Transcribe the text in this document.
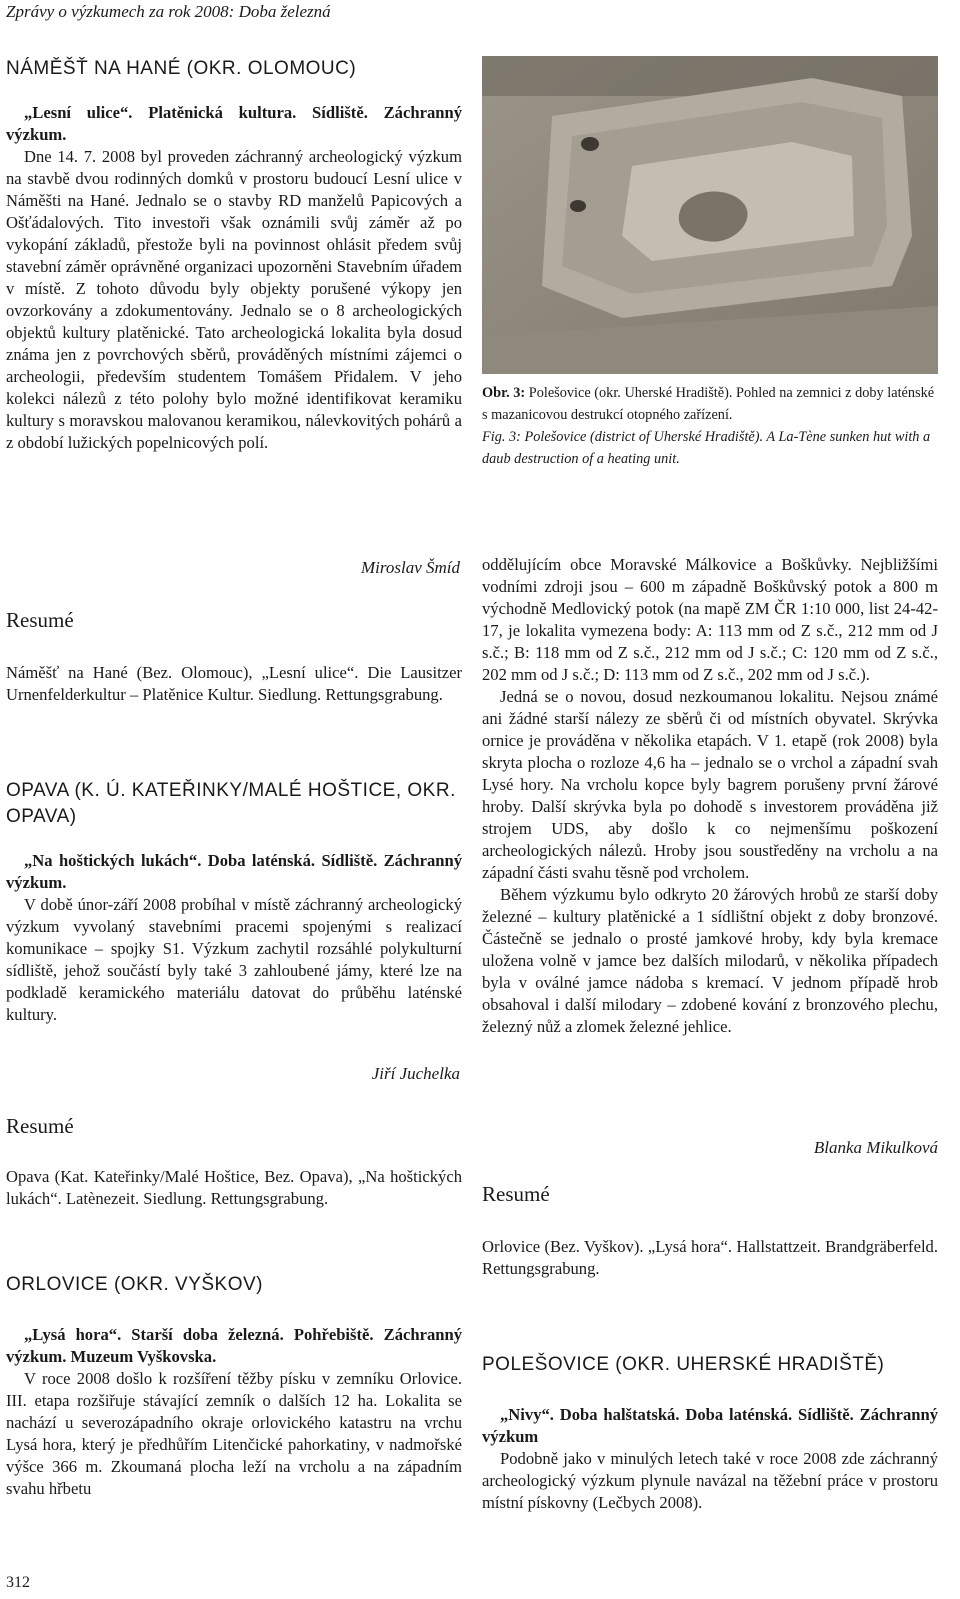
Zprávy o výzkumech za rok 2008: Doba železná
NÁMĚŠŤ NA HANÉ (OKR. OLOMOUC)

„Lesní ulice“. Platěnická kultura. Sídliště. Záchranný výzkum.

Dne 14. 7. 2008 byl proveden záchranný archeologický výzkum na stavbě dvou rodinných domků v prostoru budoucí Lesní ulice v Náměšti na Hané. Jednalo se o stavby RD manželů Papicových a Ošťádalových. Tito investoři však oznámili svůj záměr až po vykopání základů, přestože byli na povinnost ohlásit předem svůj stavební záměr oprávněné organizaci upozorněni Stavebním úřadem v místě. Z tohoto důvodu byly objekty porušené výkopy jen ovzorkovány a zdokumentovány. Jednalo se o 8 archeologických objektů kultury platěnické. Tato archeologická lokalita byla dosud známa jen z povrchových sběrů, prováděných místními zájemci o archeologii, především studentem Tomášem Přidalem. V jeho kolekci nálezů z této polohy bylo možné identifikovat keramiku kultury s moravskou malovanou keramikou, nálevkovitých pohárů a z období lužických popelnicových polí.

Miroslav Šmíd
Resumé

Náměšť na Hané (Bez. Olomouc), „Lesní ulice“. Die Lausitzer Urnenfelderkultur – Platěnice Kultur. Siedlung. Rettungsgrabung.

OPAVA (K. Ú. KATEŘINKY/MALÉ HOŠTICE, OKR. OPAVA)

„Na hoštických lukách“. Doba laténská. Sídliště. Záchranný výzkum.

V době únor-září 2008 probíhal v místě záchranný archeologický výzkum vyvolaný stavebními pracemi spojenými s realizací komunikace – spojky S1. Výzkum zachytil rozsáhlé polykulturní sídliště, jehož součástí byly také 3 zahloubené jámy, které lze na podkladě keramického materiálu datovat do průběhu laténské kultury.

Jiří Juchelka
Resumé

Opava (Kat. Kateřinky/Malé Hoštice, Bez. Opava), „Na hoštických lukách“. Latènezeit. Siedlung. Rettungsgrabung.

ORLOVICE (OKR. VYŠKOV)

„Lysá hora“. Starší doba železná. Pohřebiště. Záchranný výzkum. Muzeum Vyškovska.

V roce 2008 došlo k rozšíření těžby písku v zemníku Orlovice. III. etapa rozšiřuje stávající zemník o dalších 12 ha. Lokalita se nachází u severozápadního okraje orlovického katastru na vrchu Lysá hora, který je předhůřím Litenčické pahorkatiny, v nadmořské výšce 366 m. Zkoumaná plocha leží na vrcholu a na západním svahu hřbetu

Obr. 3: Polešovice (okr. Uherské Hradiště). Pohled na zemnici z doby laténské s mazanicovou destrukcí otopného zařízení.
Fig. 3: Polešovice (district of Uherské Hradiště). A La-Tène sunken hut with a daub destruction of a heating unit.

oddělujícím obce Moravské Málkovice a Boškůvky. Nejbližšími vodními zdroji jsou – 600 m západně Boškůvský potok a 800 m východně Medlovický potok (na mapě ZM ČR 1:10 000, list 24-42-17, je lokalita vymezena body: A: 113 mm od Z s.č., 212 mm od J s.č.; B: 118 mm od Z s.č., 212 mm od J s.č.; C: 120 mm od Z s.č., 202 mm od J s.č.; D: 113 mm od Z s.č., 202 mm od J s.č.).

Jedná se o novou, dosud nezkoumanou lokalitu. Nejsou známé ani žádné starší nálezy ze sběrů či od místních obyvatel. Skrývka ornice je prováděna v několika etapách. V 1. etapě (rok 2008) byla skryta plocha o rozloze 4,6 ha – jednalo se o vrchol a západní svah Lysé hory. Na vrcholu kopce byly bagrem porušeny první žárové hroby. Další skrývka byla po dohodě s investorem prováděna již strojem UDS, aby došlo k co nejmenšímu poškození archeologických nálezů. Hroby jsou soustředěny na vrcholu a na západní části svahu těsně pod vrcholem.

Během výzkumu bylo odkryto 20 žárových hrobů ze starší doby železné – kultury platěnické a 1 sídlištní objekt z doby bronzové. Částečně se jednalo o prosté jamkové hroby, kdy byla kremace uložena volně v jamce bez dalších milodarů, v několika případech byla v oválné jamce nádoba s kremací. V jednom případě hrob obsahoval i další milodary – zdobené kování z bronzového plechu, železný nůž a zlomek železné jehlice.

Blanka Mikulková
Resumé

Orlovice (Bez. Vyškov). „Lysá hora“. Hallstattzeit. Brandgräberfeld. Rettungsgrabung.

POLEŠOVICE (OKR. UHERSKÉ HRADIŠTĚ)

„Nivy“. Doba halštatská. Doba laténská. Sídliště. Záchranný výzkum

Podobně jako v minulých letech také v roce 2008 zde záchranný archeologický výzkum plynule navázal na těžební práce v prostoru místní pískovny (Lečbych 2008).

312
